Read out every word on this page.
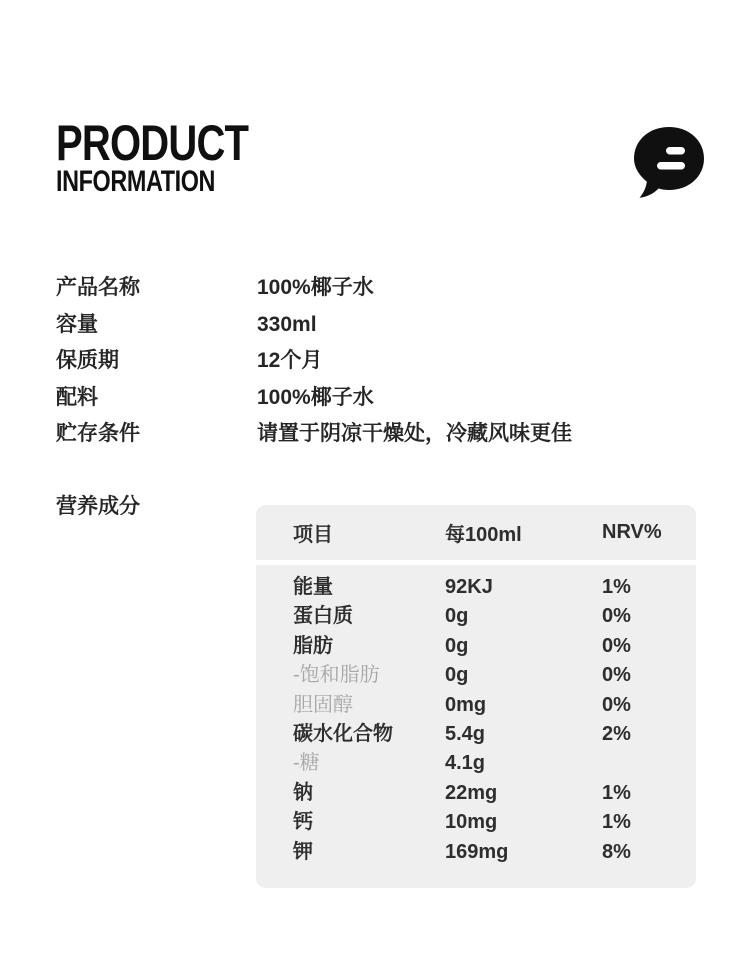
PRODUCT
INFORMATION
产品名称	100%椰子水
容量	330ml
保质期	12个月
配料	100%椰子水
贮存条件	请置于阴凉干燥处，冷藏风味更佳
营养成分
项目	每100ml	NRV%
能量	92KJ	1%
蛋白质	0g	0%
脂肪	0g	0%
-饱和脂肪	0g	0%
胆固醇	0mg	0%
碳水化合物	5.4g	2%
-糖	4.1g
钠	22mg	1%
钙	10mg	1%
钾	169mg	8%
